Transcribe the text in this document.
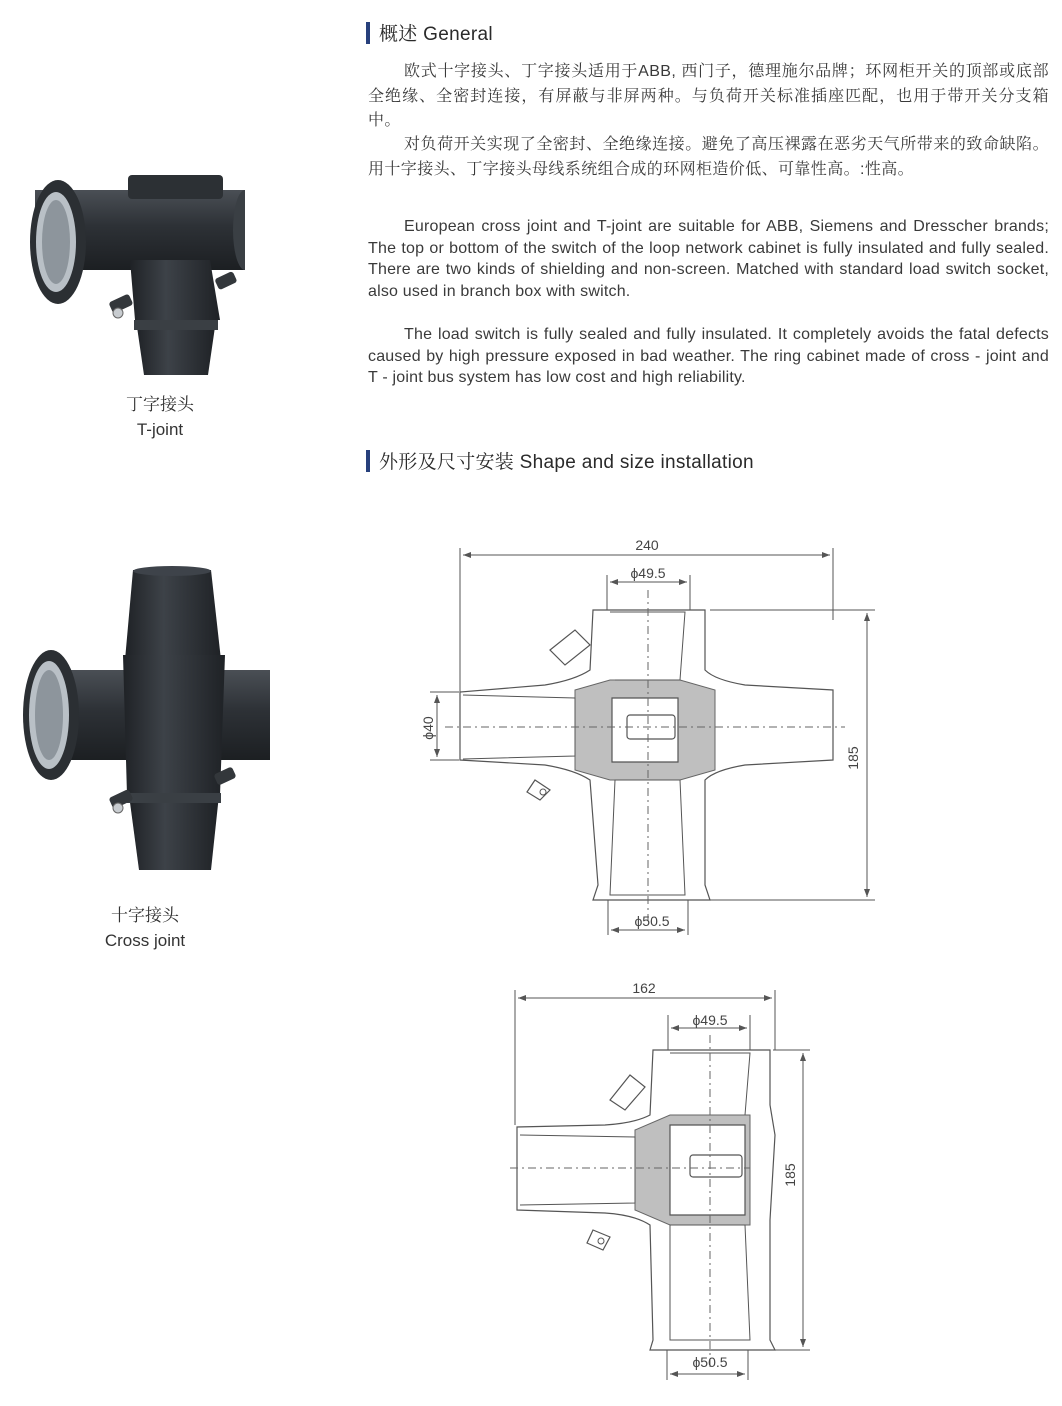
概述 General

欧式十字接头、丁字接头适用于ABB, 西门子，德理施尔品牌；环网柜开关的顶部或底部全绝缘、全密封连接，有屏蔽与非屏两种。与负荷开关标准插座匹配，也用于带开关分支箱中。

对负荷开关实现了全密封、全绝缘连接。避免了高压裸露在恶劣天气所带来的致命缺陷。用十字接头、丁字接头母线系统组合成的环网柜造价低、可靠性高。:性高。

European cross joint and T-joint are suitable for ABB, Siemens and Dresscher brands; The top or bottom of the switch of the loop network cabinet is fully insulated and fully sealed. There are two kinds of shielding and non-screen. Matched with standard load switch socket, also used in branch box with switch.

The load switch is fully sealed and fully insulated. It completely avoids the fatal defects caused by high pressure exposed in bad weather. The ring cabinet made of cross - joint and T - joint bus system has low cost and high reliability.

外形及尺寸安装 Shape and size installation
丁字接头
T-joint
十字接头
Cross joint
240
ϕ49.5
ϕ40
185
ϕ50.5
162
ϕ49.5
185
ϕ50.5
